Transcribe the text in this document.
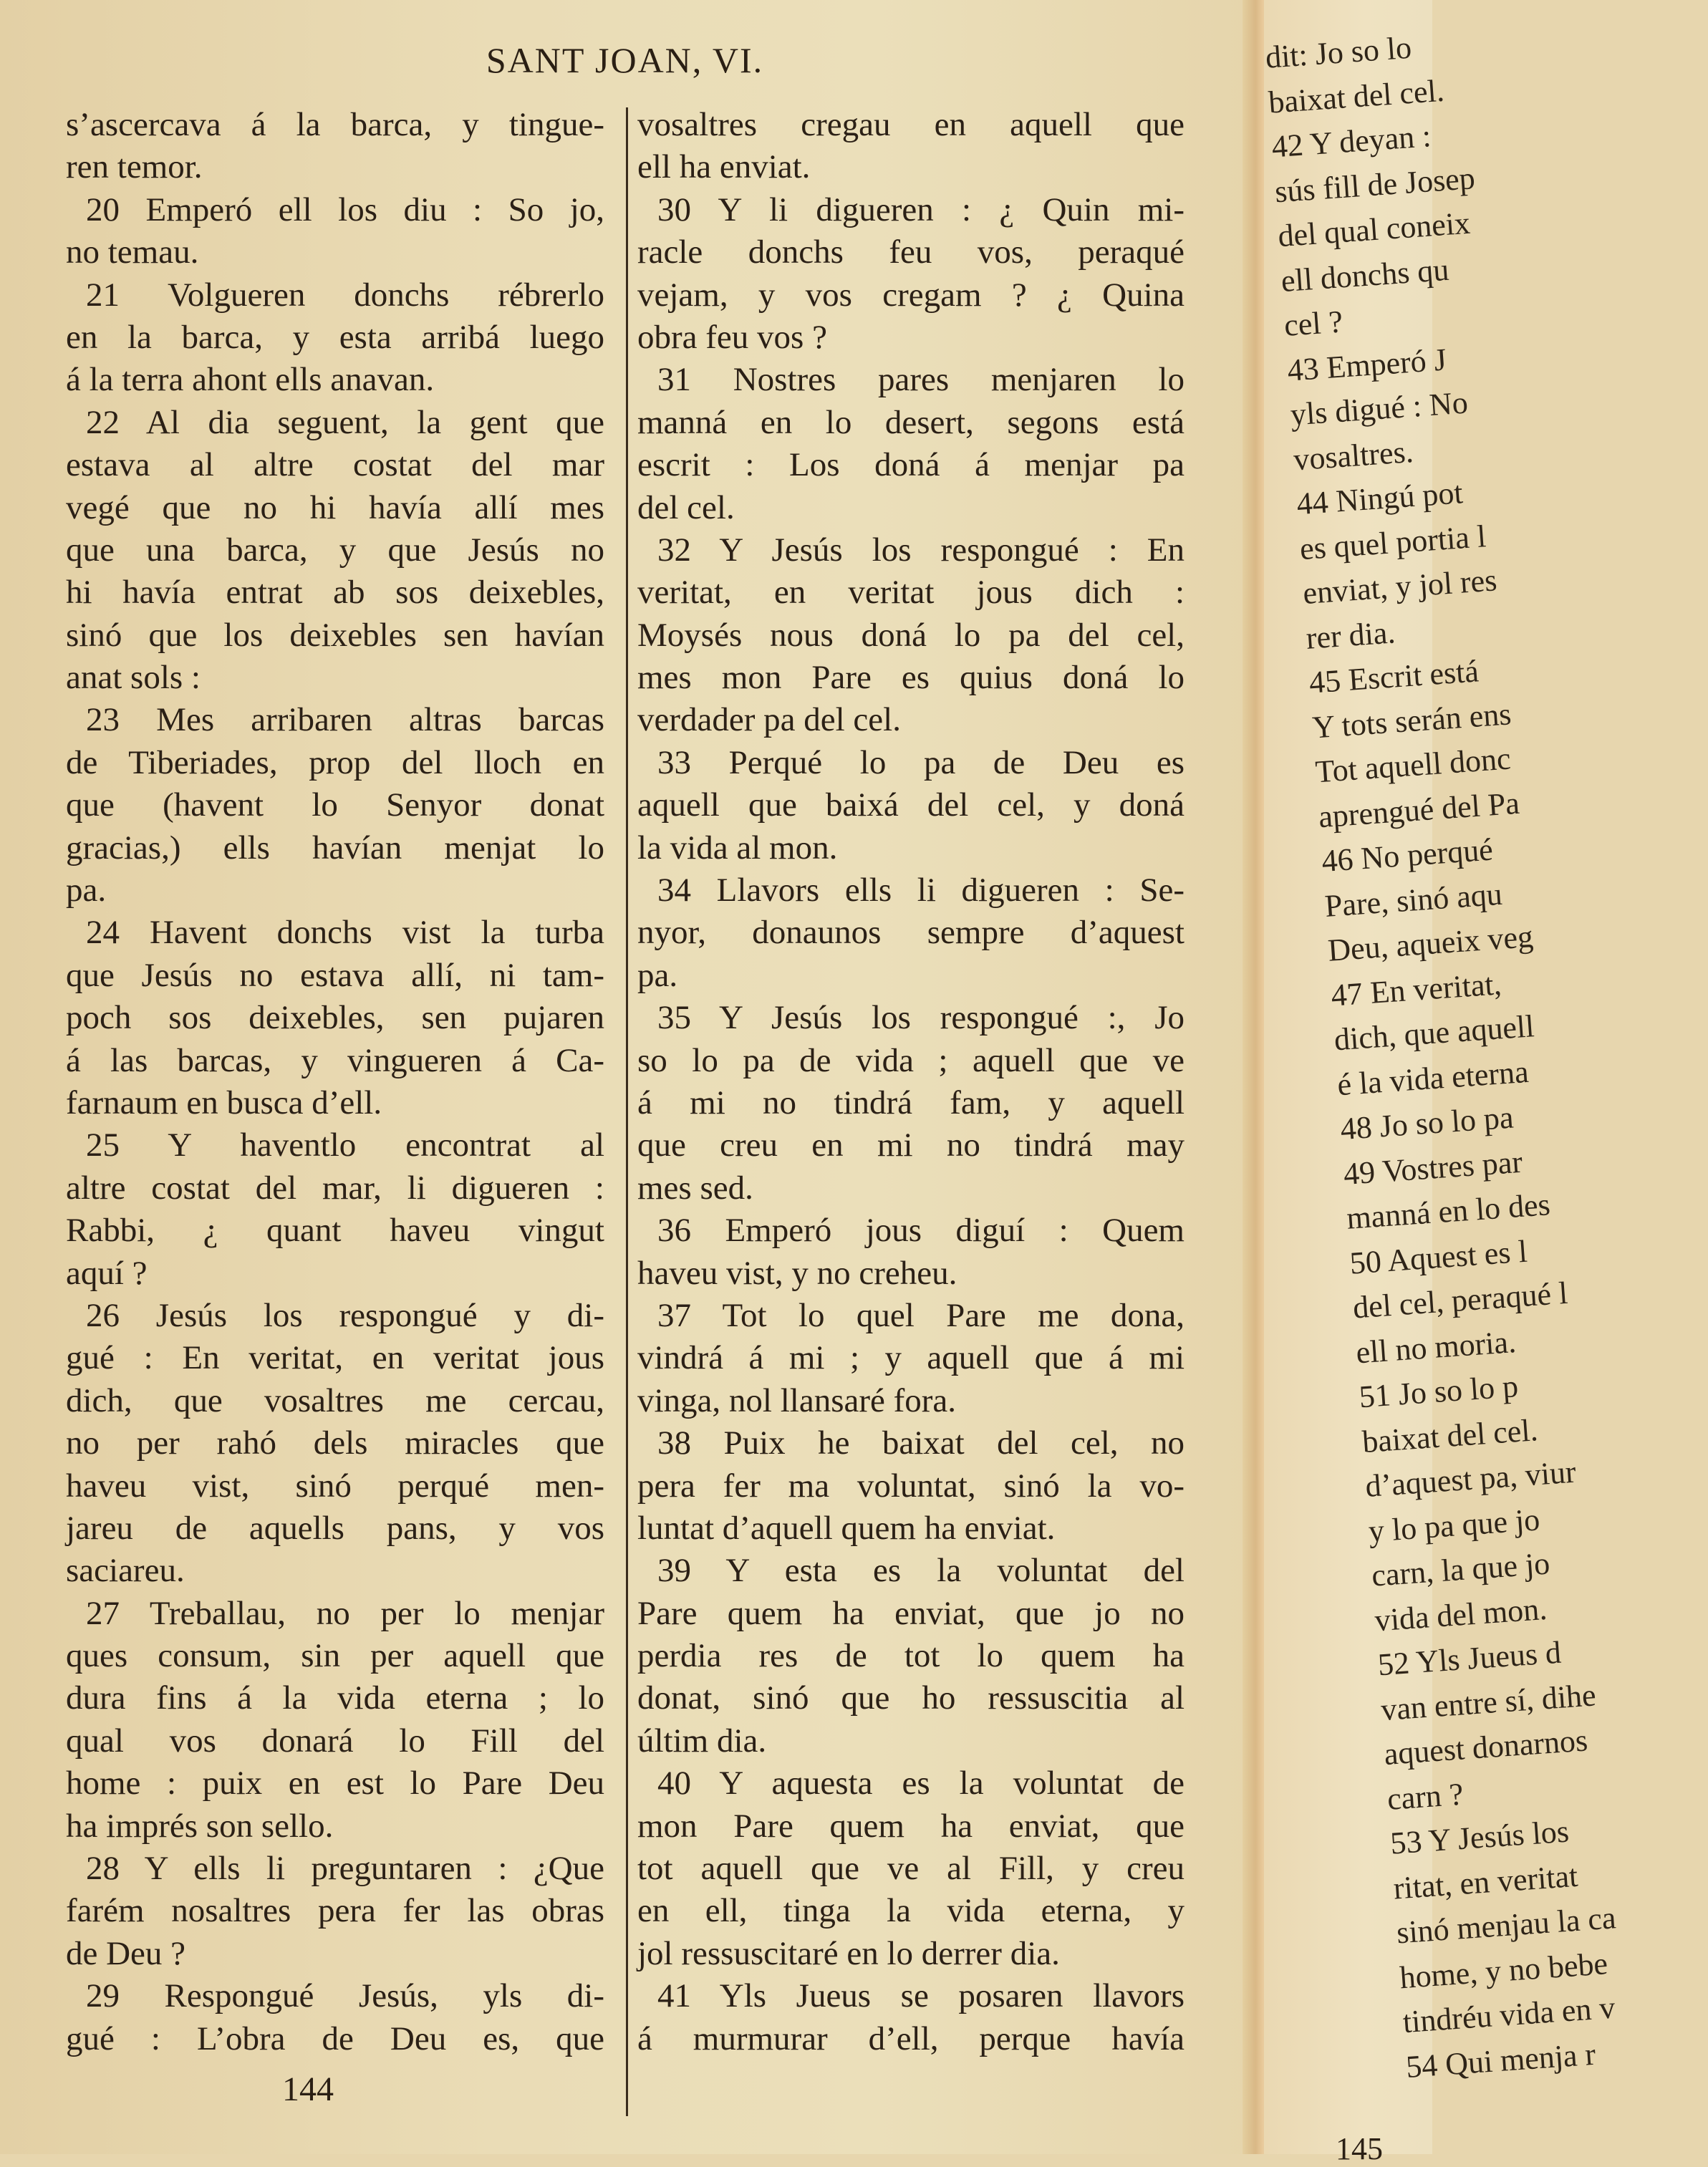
SANT JOAN, VI.
s’ascercava á la barca, y tingue-
ren temor.
20 Emperó ell los diu : So jo,
no temau.
21 Volgueren donchs rébrerlo
en la barca, y esta arribá luego
á la terra ahont ells anavan.
22 Al dia seguent, la gent que
estava al altre costat del mar
vegé que no hi havía allí mes
que una barca, y que Jesús no
hi havía entrat ab sos deixebles,
sinó que los deixebles sen havían
anat sols :
23 Mes arribaren altras barcas
de Tiberiades, prop del lloch en
que (havent lo Senyor donat
gracias,) ells havían menjat lo
pa.
24 Havent donchs vist la turba
que Jesús no estava allí, ni tam-
poch sos deixebles, sen pujaren
á las barcas, y vingueren á Ca-
farnaum en busca d’ell.
25 Y haventlo encontrat al
altre costat del mar, li digueren :
Rabbi, ¿ quant haveu vingut
aquí ?
26 Jesús los respongué y di-
gué : En veritat, en veritat jous
dich, que vosaltres me cercau,
no per rahó dels miracles que
haveu vist, sinó perqué men-
jareu de aquells pans, y vos
saciareu.
27 Treballau, no per lo menjar
ques consum, sin per aquell que
dura fins á la vida eterna ; lo
qual vos donará lo Fill del
home : puix en est lo Pare Deu
ha imprés son sello.
28 Y ells li preguntaren : ¿Que
farém nosaltres pera fer las obras
de Deu ?
29 Respongué Jesús, yls di-
gué : L’obra de Deu es, que
vosaltres cregau en aquell que
ell ha enviat.
30 Y li digueren : ¿ Quin mi-
racle donchs feu vos, peraqué
vejam, y vos cregam ? ¿ Quina
obra feu vos ?
31 Nostres pares menjaren lo
manná en lo desert, segons está
escrit : Los doná á menjar pa
del cel.
32 Y Jesús los respongué : En
veritat, en veritat jous dich :
Moysés nous doná lo pa del cel,
mes mon Pare es quius doná lo
verdader pa del cel.
33 Perqué lo pa de Deu es
aquell que baixá del cel, y doná
la vida al mon.
34 Llavors ells li digueren : Se-
nyor, donaunos sempre d’aquest
pa.
35 Y Jesús los respongué :, Jo
so lo pa de vida ; aquell que ve
á mi no tindrá fam, y aquell
que creu en mi no tindrá may
mes sed.
36 Emperó jous diguí : Quem
haveu vist, y no creheu.
37 Tot lo quel Pare me dona,
vindrá á mi ; y aquell que á mi
vinga, nol llansaré fora.
38 Puix he baixat del cel, no
pera fer ma voluntat, sinó la vo-
luntat d’aquell quem ha enviat.
39 Y esta es la voluntat del
Pare quem ha enviat, que jo no
perdia res de tot lo quem ha
donat, sinó que ho ressuscitia al
últim dia.
40 Y aquesta es la voluntat de
mon Pare quem ha enviat, que
tot aquell que ve al Fill, y creu
en ell, tinga la vida eterna, y
jol ressuscitaré en lo derrer dia.
41 Yls Jueus se posaren llavors
á murmurar d’ell, perque havía
144
dit: Jo so lo
baixat del cel.
42 Y deyan :
sús fill de Josep
del qual coneix
ell donchs qu
cel ?
43 Emperó J
yls digué : No
vosaltres.
44 Ningú pot
es quel portia l
enviat, y jol res
rer dia.
45 Escrit está
Y tots serán ens
Tot aquell donc
aprengué del Pa
46 No perqué
Pare, sinó aqu
Deu, aqueix veg
47 En veritat,
dich, que aquell
é la vida eterna
48 Jo so lo pa
49 Vostres par
manná en lo des
50 Aquest es l
del cel, peraqué l
ell no moria.
51 Jo so lo p
baixat del cel.
d’aquest pa, viur
y lo pa que jo
carn, la que jo
vida del mon.
52 Yls Jueus d
van entre sí, dihe
aquest donarnos
carn ?
53 Y Jesús los
ritat, en veritat
sinó menjau la ca
home, y no bebe
tindréu vida en v
54 Qui menja r
145
